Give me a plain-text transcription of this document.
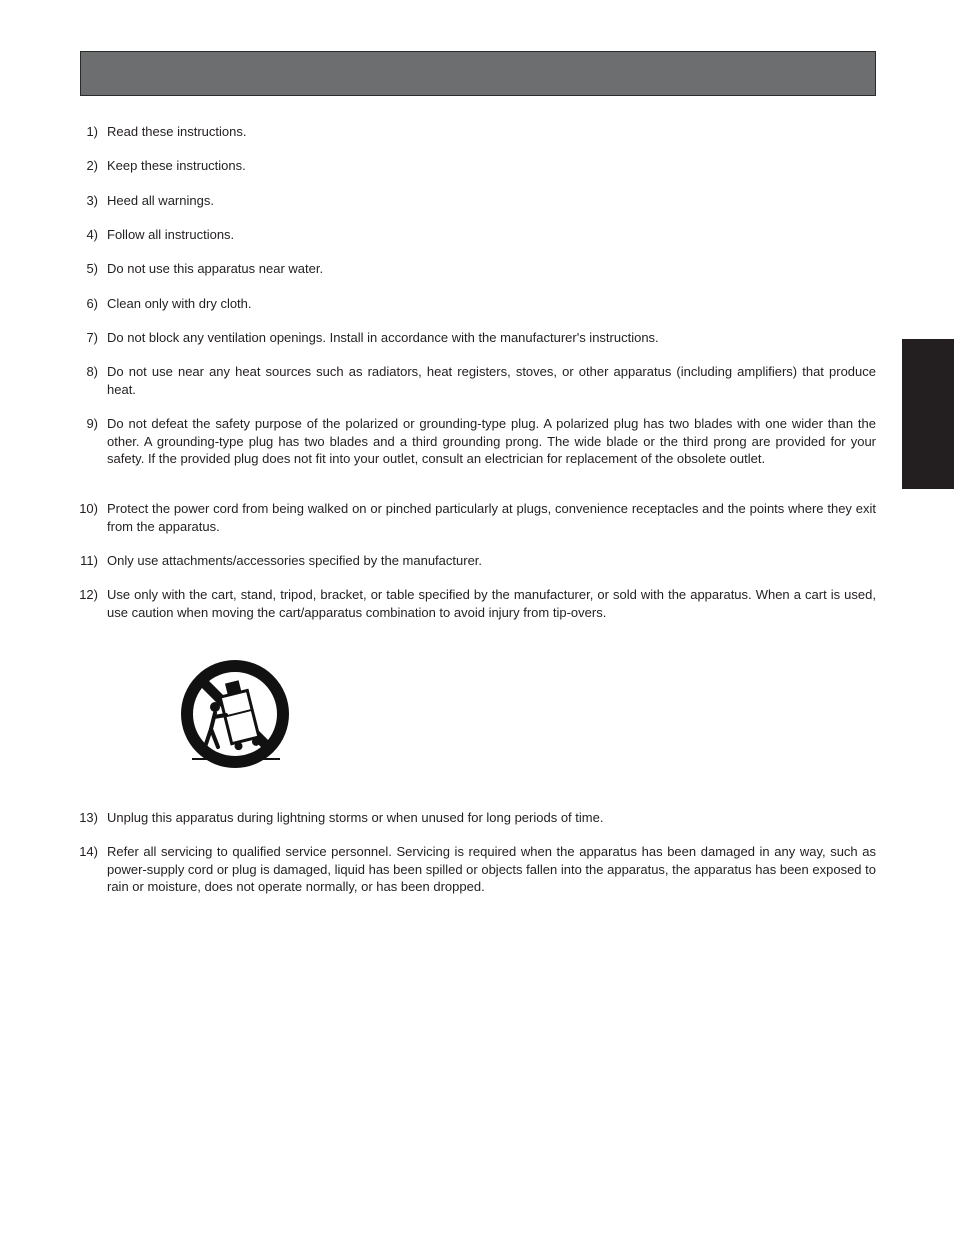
1) Read these instructions.
2) Keep these instructions.
3) Heed all warnings.
4) Follow all instructions.
5) Do not use this apparatus near water.
6) Clean only with dry cloth.
7) Do not block any ventilation openings. Install in accordance with the manufacturer's instructions.
8) Do not use near any heat sources such as radiators, heat registers, stoves, or other apparatus (including amplifiers) that produce heat.
9) Do not defeat the safety purpose of the polarized or grounding-type plug. A polarized plug has two blades with one wider than the other. A grounding-type plug has two blades and a third grounding prong. The wide blade or the third prong are provided for your safety. If the provided plug does not fit into your outlet, consult an electrician for replacement of the obsolete outlet.
10) Protect the power cord from being walked on or pinched particularly at plugs, convenience receptacles and the points where they exit from the apparatus.
11) Only use attachments/accessories specified by the manufacturer.
12) Use only with the cart, stand, tripod, bracket, or table specified by the manufacturer, or sold with the apparatus. When a cart is used, use caution when moving the cart/apparatus combination to avoid injury from tip-overs.
13) Unplug this apparatus during lightning storms or when unused for long periods of time.
14) Refer all servicing to qualified service personnel. Servicing is required when the apparatus has been damaged in any way, such as power-supply cord or plug is damaged, liquid has been spilled or objects fallen into the apparatus, the apparatus has been exposed to rain or moisture, does not operate normally, or has been dropped.
